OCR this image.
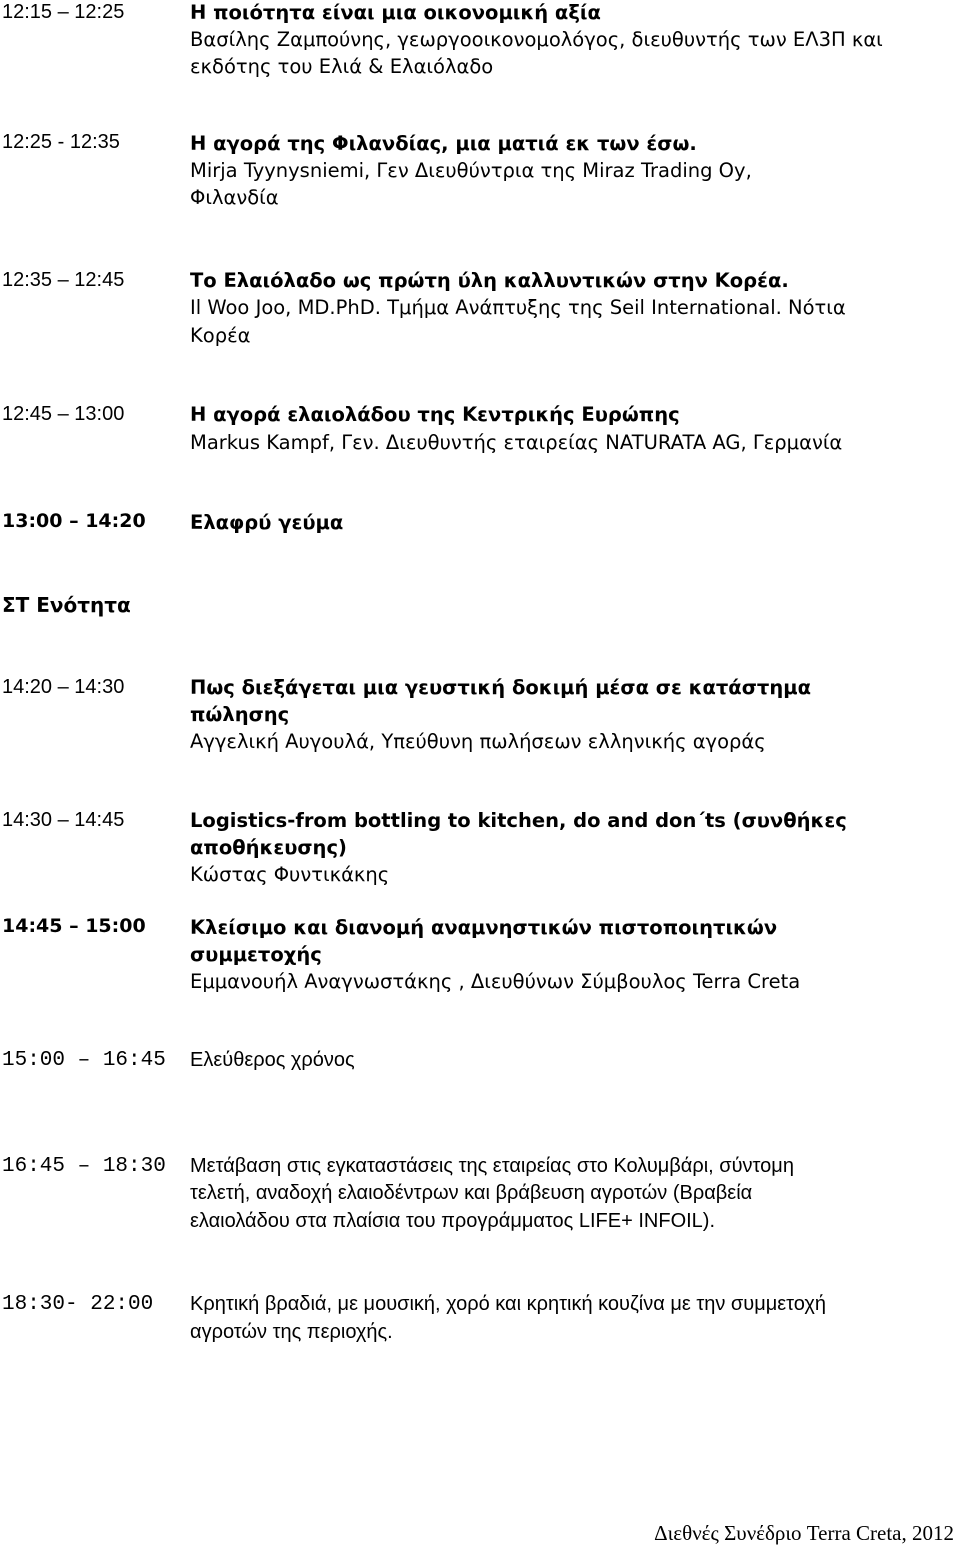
12:15 – 12:25	Η ποιότητα είναι μια οικονομική αξία
Βασίλης Ζαμπούνης, γεωργοοικονομολόγος, διευθυντής των ΕΛ3Π και
εκδότης του Ελιά & Ελαιόλαδο
12:25 - 12:35	Η αγορά της Φιλανδίας, μια ματιά εκ των έσω.
Mirja Tyynysniemi, Γεν Διευθύντρια της Miraz Trading Oy,
Φιλανδία
12:35 – 12:45	Το Ελαιόλαδο ως πρώτη ύλη καλλυντικών στην Κορέα.
Il Woo Joo, MD.PhD. Τμήμα Ανάπτυξης της Seil International. Νότια
Κορέα
12:45 – 13:00	Η αγορά ελαιολάδου της Κεντρικής Ευρώπης
Markus Kampf, Γεν. Διευθυντής εταιρείας NATURATA AG, Γερμανία
13:00 – 14:20 Ελαφρύ γεύμα
ΣΤ Ενότητα
14:20 – 14:30	Πως διεξάγεται μια γευστική δοκιμή μέσα σε κατάστημα
πώλησης
Αγγελική Αυγουλά, Υπεύθυνη πωλήσεων ελληνικής αγοράς
14:30 – 14:45	Logistics-from bottling to kitchen, do and don΄ts (συνθήκες
αποθήκευσης)
Κώστας Φυντικάκης
14:45 – 15:00 Κλείσιμο και διανομή αναμνηστικών πιστοποιητικών
συμμετοχής
Εμμανουήλ Αναγνωστάκης , Διευθύνων Σύμβουλος Terra Creta
15:00 – 16:45 Ελεύθερος χρόνος
16:45 – 18:30 Μετάβαση στις εγκαταστάσεις της εταιρείας στο Κολυμβάρι, σύντομη
τελετή, αναδοχή ελαιοδέντρων και βράβευση αγροτών (Βραβεία
ελαιολάδου στα πλαίσια του προγράμματος LIFE+ INFOIL).
18:30- 22:00 Κρητική βραδιά, με μουσική, χορό και κρητική κουζίνα με την συμμετοχή
αγροτών της περιοχής.
Διεθνές Συνέδριο Terra Creta, 2012
